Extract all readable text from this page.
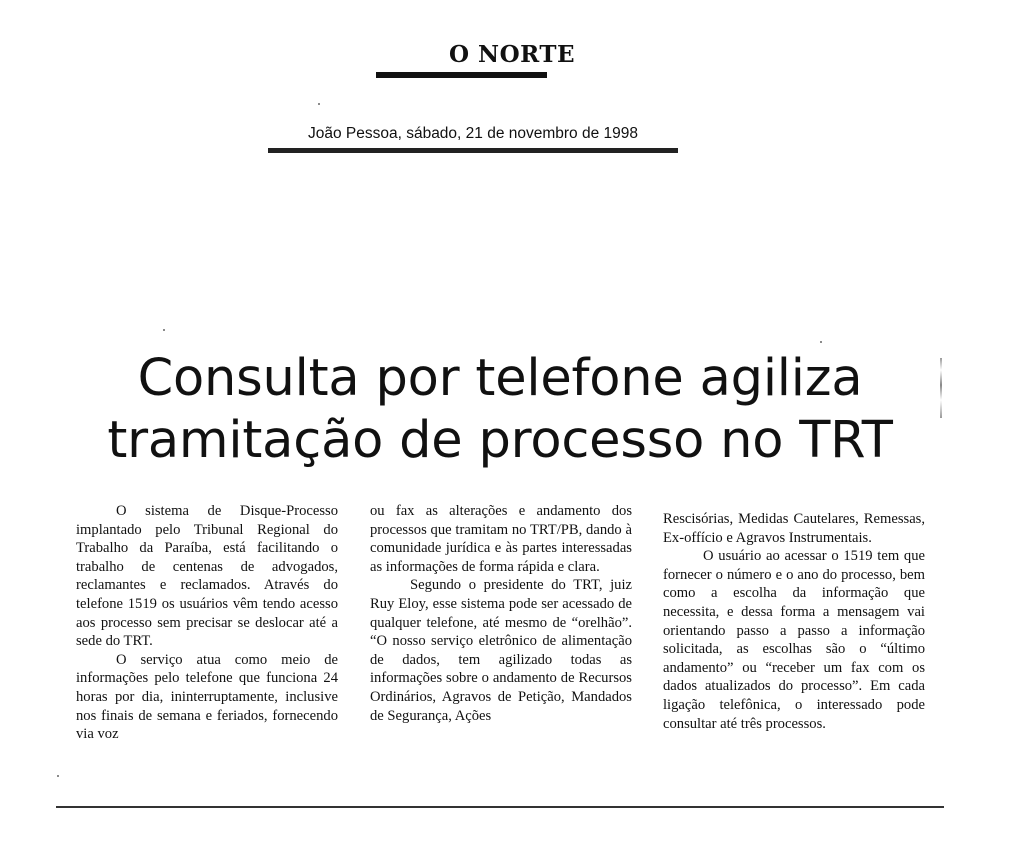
O NORTE
João Pessoa, sábado, 21 de novembro de 1998
Consulta por telefone agiliza tramitação de processo no TRT

O sistema de Disque-Processo implantado pelo Tribunal Regional do Trabalho da Paraíba, está facilitando o trabalho de centenas de advogados, reclamantes e reclamados. Através do telefone 1519 os usuários vêm tendo acesso aos processo sem precisar se deslocar até a sede do TRT.

O serviço atua como meio de informações pelo telefone que funciona 24 horas por dia, ininterruptamente, inclusive nos finais de semana e feriados, fornecendo via voz

ou fax as alterações e andamento dos processos que tramitam no TRT/PB, dando à comunidade jurídica e às partes interessadas as informações de forma rápida e clara.

Segundo o presidente do TRT, juiz Ruy Eloy, esse sistema pode ser acessado de qualquer telefone, até mesmo de “orelhão”. “O nosso serviço eletrônico de alimentação de dados, tem agilizado todas as informações sobre o andamento de Recursos Ordinários, Agravos de Petição, Mandados de Segurança, Ações

Rescisórias, Medidas Cautelares, Remessas, Ex-offício e Agravos Instrumentais.

O usuário ao acessar o 1519 tem que fornecer o número e o ano do processo, bem como a escolha da informação que necessita, e dessa forma a mensagem vai orientando passo a passo a informação solicitada, as escolhas são o “último andamento” ou “receber um fax com os dados atualizados do processo”. Em cada ligação telefônica, o interessado pode consultar até três processos.
